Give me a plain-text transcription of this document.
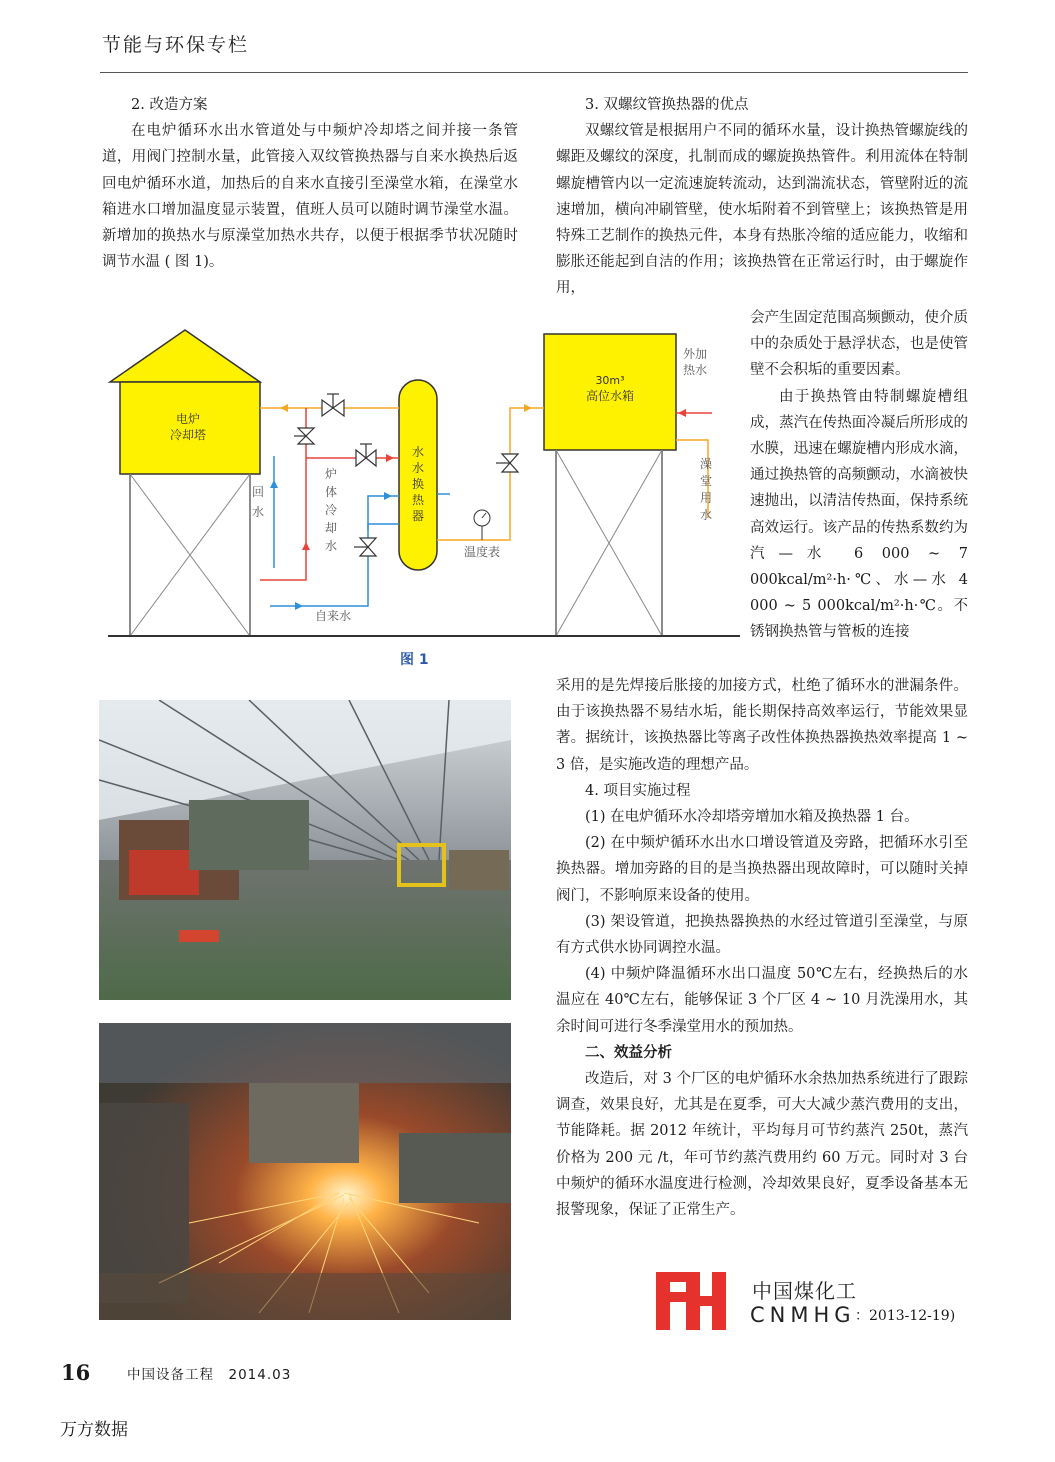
节能与环保专栏

2. 改造方案

在电炉循环水出水管道处与中频炉冷却塔之间并接一条管道，用阀门控制水量，此管接入双纹管换热器与自来水换热后返回电炉循环水道，加热后的自来水直接引至澡堂水箱，在澡堂水箱进水口增加温度显示装置，值班人员可以随时调节澡堂水温。新增加的换热水与原澡堂加热水共存，以便于根据季节状况随时调节水温 ( 图 1)。

3. 双螺纹管换热器的优点

双螺纹管是根据用户不同的循环水量，设计换热管螺旋线的螺距及螺纹的深度，扎制而成的螺旋换热管件。利用流体在特制螺旋槽管内以一定流速旋转流动，达到湍流状态，管壁附近的流速增加，横向冲刷管壁，使水垢附着不到管壁上；该换热管是用特殊工艺制作的换热元件，本身有热胀冷缩的适应能力，收缩和膨胀还能起到自洁的作用；该换热管在正常运行时，由于螺旋作用，

会产生固定范围高频颤动，使介质中的杂质处于悬浮状态，也是使管壁不会积垢的重要因素。

由于换热管由特制螺旋槽组成，蒸汽在传热面冷凝后所形成的水膜，迅速在螺旋槽内形成水滴，通过换热管的高频颤动，水滴被快速抛出，以清洁传热面，保持系统高效运行。该产品的传热系数约为汽—水 6 000 ~ 7 000kcal/m²·h·℃、水—水 4 000 ~ 5 000kcal/m²·h·℃。不锈钢换热管与管板的连接

采用的是先焊接后胀接的加接方式，杜绝了循环水的泄漏条件。由于该换热器不易结水垢，能长期保持高效率运行，节能效果显著。据统计，该换热器比等离子改性体换热器换热效率提高 1 ~ 3 倍，是实施改造的理想产品。

4. 项目实施过程

(1) 在电炉循环水冷却塔旁增加水箱及换热器 1 台。

(2) 在中频炉循环水出水口增设管道及旁路，把循环水引至换热器。增加旁路的目的是当换热器出现故障时，可以随时关掉阀门，不影响原来设备的使用。

(3) 架设管道，把换热器换热的水经过管道引至澡堂，与原有方式供水协同调控水温。

(4) 中频炉降温循环水出口温度 50℃左右，经换热后的水温应在 40℃左右，能够保证 3 个厂区 4 ~ 10 月洗澡用水，其余时间可进行冬季澡堂用水的预加热。

二、效益分析

改造后，对 3 个厂区的电炉循环水余热加热系统进行了跟踪调查，效果良好，尤其是在夏季，可大大减少蒸汽费用的支出，节能降耗。据 2012 年统计，平均每月可节约蒸汽 250t，蒸汽价格为 200 元 /t，年可节约蒸汽费用约 60 万元。同时对 3 台中频炉的循环水温度进行检测，冷却效果良好，夏季设备基本无报警现象，保证了正常生产。

电炉
冷却塔
30m³
高位水箱
水水换热器
回水
炉体冷却水
自来水
温度表
外加热水
澡堂用水
图 1
中国煤化工
CNMHG ：2013-12-19)
16	中国设备工程　2014.03
万方数据
